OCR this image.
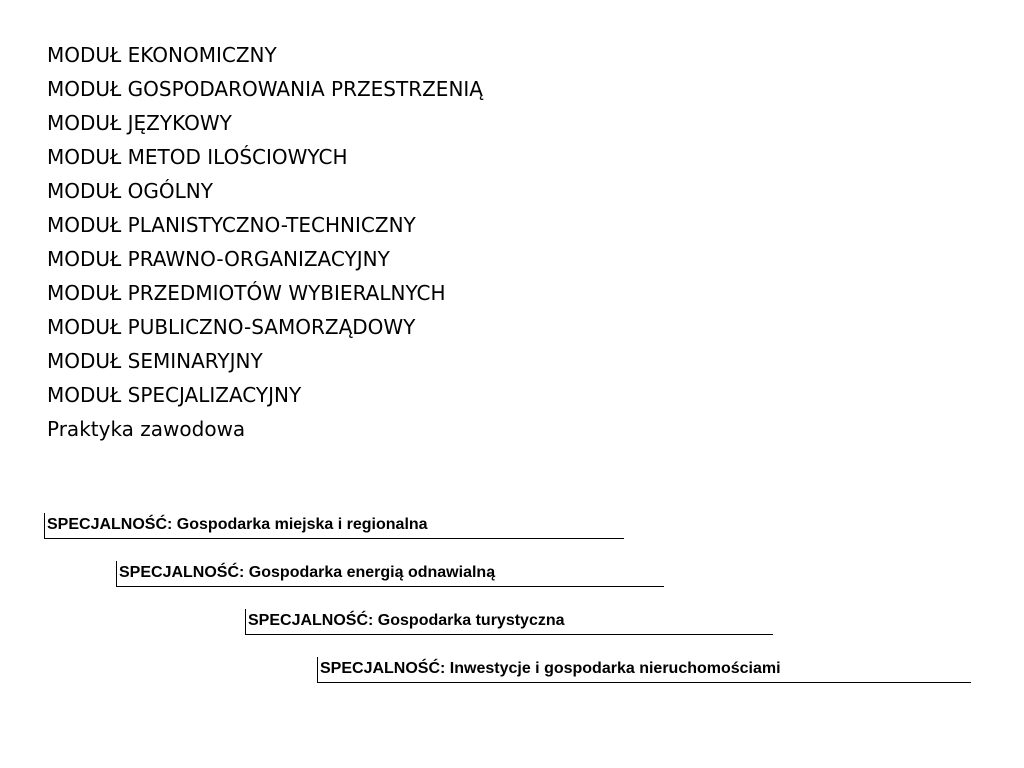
MODUŁ EKONOMICZNY
MODUŁ GOSPODAROWANIA PRZESTRZENIĄ
MODUŁ JĘZYKOWY
MODUŁ METOD ILOŚCIOWYCH
MODUŁ OGÓLNY
MODUŁ PLANISTYCZNO-TECHNICZNY
MODUŁ PRAWNO-ORGANIZACYJNY
MODUŁ PRZEDMIOTÓW WYBIERALNYCH
MODUŁ PUBLICZNO-SAMORZĄDOWY
MODUŁ SEMINARYJNY
MODUŁ SPECJALIZACYJNY
Praktyka zawodowa
SPECJALNOŚĆ: Gospodarka miejska i regionalna
SPECJALNOŚĆ: Gospodarka energią odnawialną
SPECJALNOŚĆ: Gospodarka turystyczna
SPECJALNOŚĆ: Inwestycje i gospodarka nieruchomościami
